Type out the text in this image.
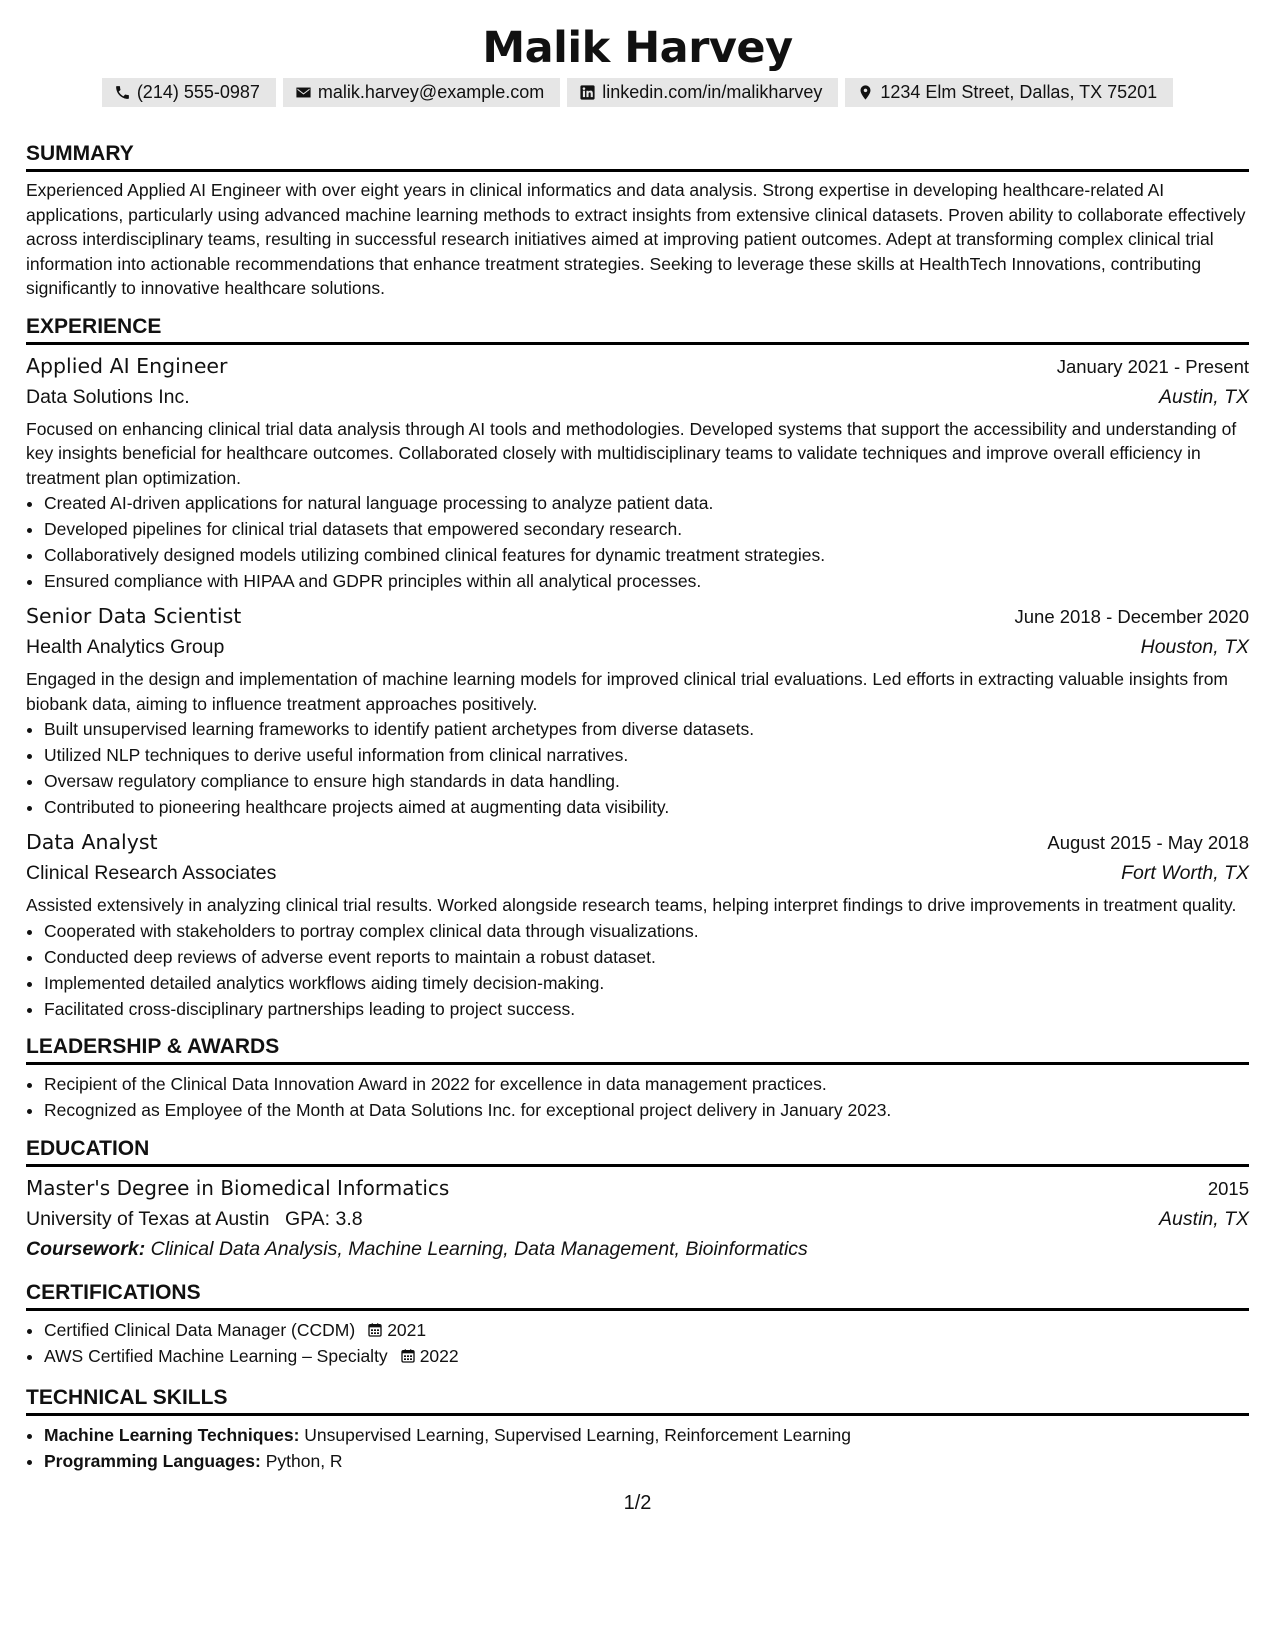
Malik Harvey
(214) 555-0987	malik.harvey@example.com	linkedin.com/in/malikharvey	1234 Elm Street, Dallas, TX 75201
SUMMARY

Experienced Applied AI Engineer with over eight years in clinical informatics and data analysis. Strong expertise in developing healthcare-related AI applications, particularly using advanced machine learning methods to extract insights from extensive clinical datasets. Proven ability to collaborate effectively across interdisciplinary teams, resulting in successful research initiatives aimed at improving patient outcomes. Adept at transforming complex clinical trial information into actionable recommendations that enhance treatment strategies. Seeking to leverage these skills at HealthTech Innovations, contributing significantly to innovative healthcare solutions.

EXPERIENCE
Applied AI Engineer	January 2021 - Present
Data Solutions Inc.	Austin, TX

Focused on enhancing clinical trial data analysis through AI tools and methodologies. Developed systems that support the accessibility and understanding of key insights beneficial for healthcare outcomes. Collaborated closely with multidisciplinary teams to validate techniques and improve overall efficiency in treatment plan optimization.

• Created AI-driven applications for natural language processing to analyze patient data.
• Developed pipelines for clinical trial datasets that empowered secondary research.
• Collaboratively designed models utilizing combined clinical features for dynamic treatment strategies.
• Ensured compliance with HIPAA and GDPR principles within all analytical processes.
Senior Data Scientist	June 2018 - December 2020
Health Analytics Group	Houston, TX

Engaged in the design and implementation of machine learning models for improved clinical trial evaluations. Led efforts in extracting valuable insights from biobank data, aiming to influence treatment approaches positively.

• Built unsupervised learning frameworks to identify patient archetypes from diverse datasets.
• Utilized NLP techniques to derive useful information from clinical narratives.
• Oversaw regulatory compliance to ensure high standards in data handling.
• Contributed to pioneering healthcare projects aimed at augmenting data visibility.
Data Analyst	August 2015 - May 2018
Clinical Research Associates	Fort Worth, TX

Assisted extensively in analyzing clinical trial results. Worked alongside research teams, helping interpret findings to drive improvements in treatment quality.

• Cooperated with stakeholders to portray complex clinical data through visualizations.
• Conducted deep reviews of adverse event reports to maintain a robust dataset.
• Implemented detailed analytics workflows aiding timely decision-making.
• Facilitated cross-disciplinary partnerships leading to project success.
LEADERSHIP & AWARDS
• Recipient of the Clinical Data Innovation Award in 2022 for excellence in data management practices.
• Recognized as Employee of the Month at Data Solutions Inc. for exceptional project delivery in January 2023.
EDUCATION
Master's Degree in Biomedical Informatics	2015
University of Texas at Austin GPA: 3.8	Austin, TX
Coursework: Clinical Data Analysis, Machine Learning, Data Management, Bioinformatics
CERTIFICATIONS
• Certified Clinical Data Manager (CCDM) 2021
• AWS Certified Machine Learning – Specialty 2022
TECHNICAL SKILLS
• Machine Learning Techniques: Unsupervised Learning, Supervised Learning, Reinforcement Learning
• Programming Languages: Python, R
1/2
